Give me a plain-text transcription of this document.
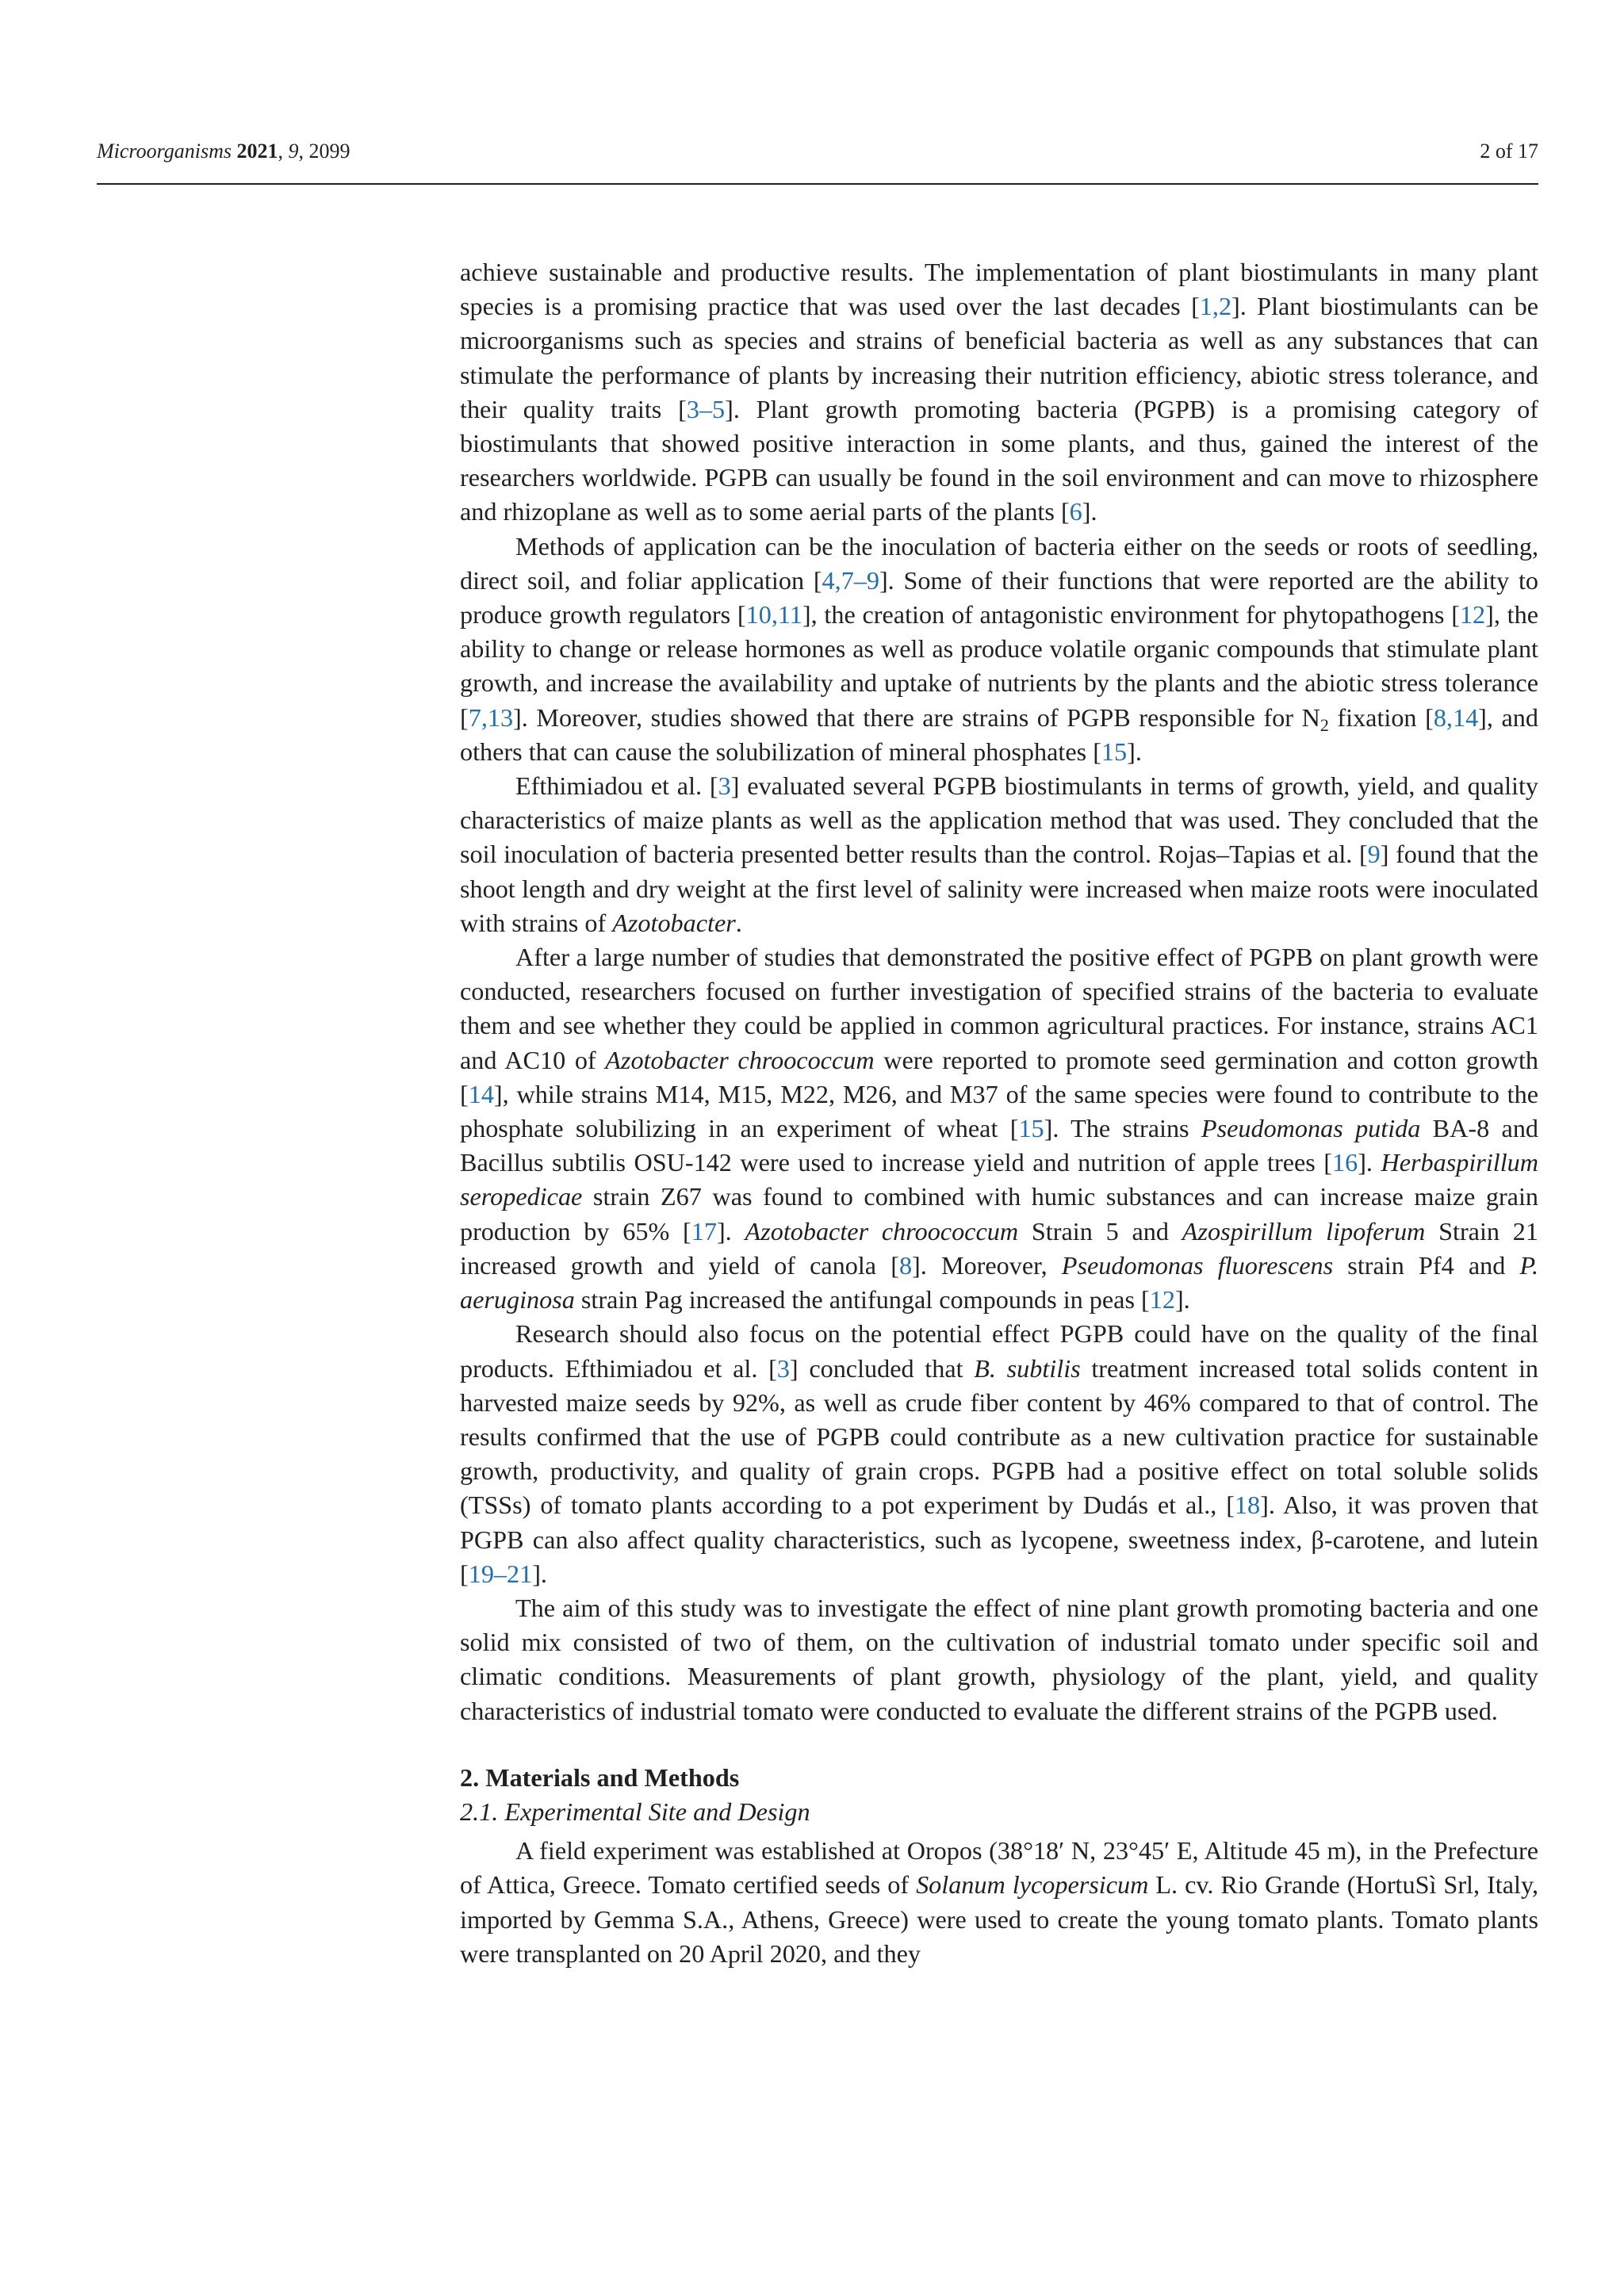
Microorganisms 2021, 9, 2099	2 of 17

achieve sustainable and productive results. The implementation of plant biostimulants in many plant species is a promising practice that was used over the last decades [1,2]. Plant biostimulants can be microorganisms such as species and strains of beneficial bacteria as well as any substances that can stimulate the performance of plants by increasing their nutrition efficiency, abiotic stress tolerance, and their quality traits [3–5]. Plant growth promoting bacteria (PGPB) is a promising category of biostimulants that showed positive interaction in some plants, and thus, gained the interest of the researchers worldwide. PGPB can usually be found in the soil environment and can move to rhizosphere and rhizoplane as well as to some aerial parts of the plants [6].

Methods of application can be the inoculation of bacteria either on the seeds or roots of seedling, direct soil, and foliar application [4,7–9]. Some of their functions that were reported are the ability to produce growth regulators [10,11], the creation of antagonistic environment for phytopathogens [12], the ability to change or release hormones as well as produce volatile organic compounds that stimulate plant growth, and increase the availability and uptake of nutrients by the plants and the abiotic stress tolerance [7,13]. Moreover, studies showed that there are strains of PGPB responsible for $N_2$ fixation [8,14], and others that can cause the solubilization of mineral phosphates [15].

Efthimiadou et al. [3] evaluated several PGPB biostimulants in terms of growth, yield, and quality characteristics of maize plants as well as the application method that was used. They concluded that the soil inoculation of bacteria presented better results than the control. Rojas–Tapias et al. [9] found that the shoot length and dry weight at the first level of salinity were increased when maize roots were inoculated with strains of Azotobacter.

After a large number of studies that demonstrated the positive effect of PGPB on plant growth were conducted, researchers focused on further investigation of specified strains of the bacteria to evaluate them and see whether they could be applied in common agricultural practices. For instance, strains AC1 and AC10 of Azotobacter chroococcum were reported to promote seed germination and cotton growth [14], while strains M14, M15, M22, M26, and M37 of the same species were found to contribute to the phosphate solubilizing in an experiment of wheat [15]. The strains Pseudomonas putida BA-8 and Bacillus subtilis OSU-142 were used to increase yield and nutrition of apple trees [16]. Herbaspirillum seropedicae strain Z67 was found to combined with humic substances and can increase maize grain production by 65% [17]. Azotobacter chroococcum Strain 5 and Azospirillum lipoferum Strain 21 increased growth and yield of canola [8]. Moreover, Pseudomonas fluorescens strain Pf4 and P. aeruginosa strain Pag increased the antifungal compounds in peas [12].

Research should also focus on the potential effect PGPB could have on the quality of the final products. Efthimiadou et al. [3] concluded that B. subtilis treatment increased total solids content in harvested maize seeds by 92%, as well as crude fiber content by 46% compared to that of control. The results confirmed that the use of PGPB could contribute as a new cultivation practice for sustainable growth, productivity, and quality of grain crops. PGPB had a positive effect on total soluble solids (TSSs) of tomato plants according to a pot experiment by Dudás et al., [18]. Also, it was proven that PGPB can also affect quality characteristics, such as lycopene, sweetness index, β-carotene, and lutein [19–21].

The aim of this study was to investigate the effect of nine plant growth promoting bacteria and one solid mix consisted of two of them, on the cultivation of industrial tomato under specific soil and climatic conditions. Measurements of plant growth, physiology of the plant, yield, and quality characteristics of industrial tomato were conducted to evaluate the different strains of the PGPB used.

2. Materials and Methods
2.1. Experimental Site and Design

A field experiment was established at Oropos (38°18′ N, 23°45′ E, Altitude 45 m), in the Prefecture of Attica, Greece. Tomato certified seeds of Solanum lycopersicum L. cv. Rio Grande (HortuSì Srl, Italy, imported by Gemma S.A., Athens, Greece) were used to create the young tomato plants. Tomato plants were transplanted on 20 April 2020, and they
